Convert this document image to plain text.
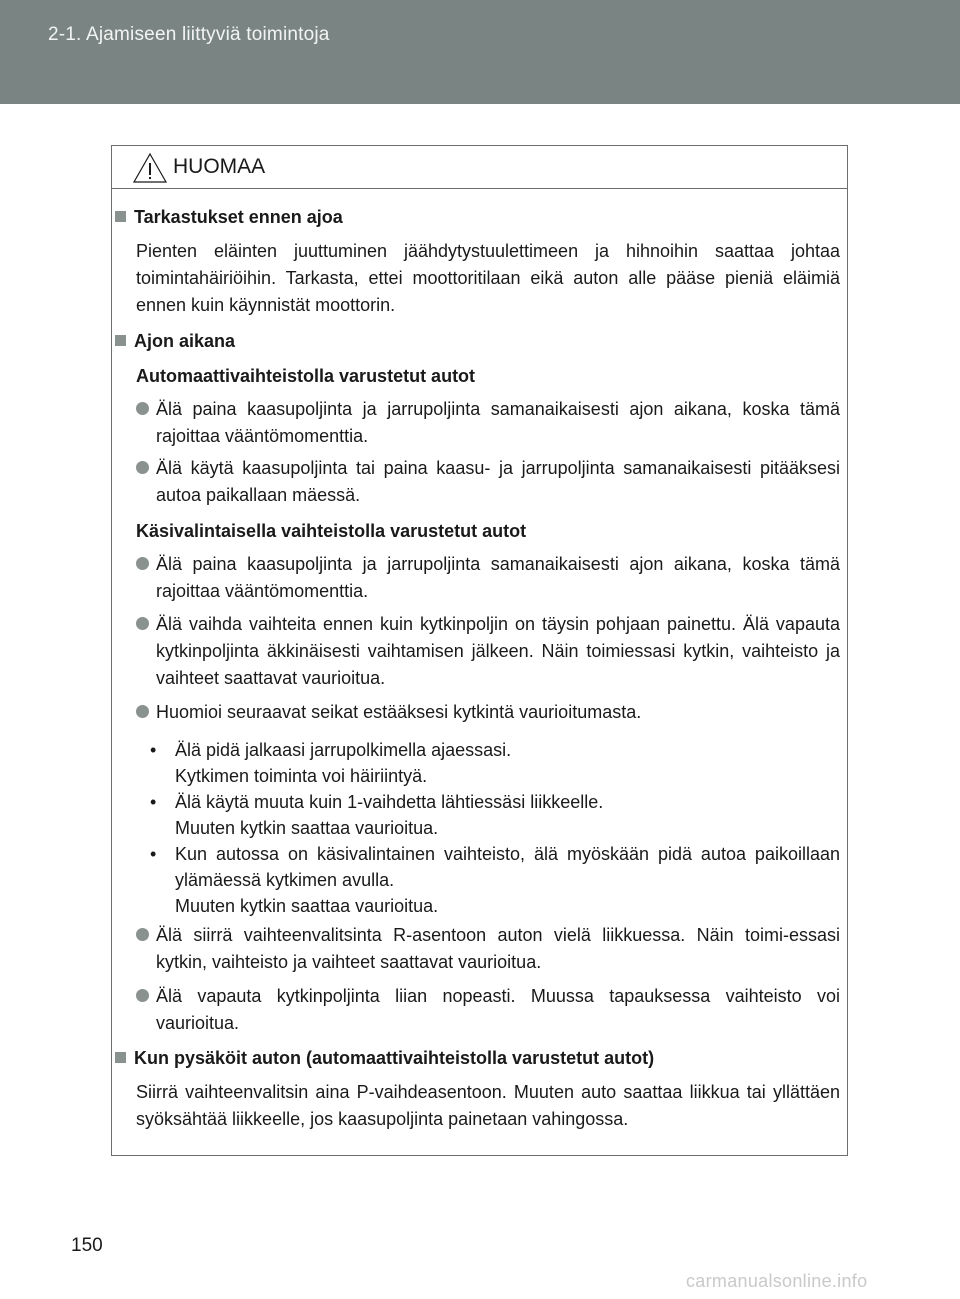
2-1. Ajamiseen liittyviä toimintoja
HUOMAA
Tarkastukset ennen ajoa
Pienten eläinten juuttuminen jäähdytystuulettimeen ja hihnoihin saattaa johtaa toimintahäiriöihin. Tarkasta, ettei moottoritilaan eikä auton alle pääse pieniä eläimiä ennen kuin käynnistät moottorin.
Ajon aikana
Automaattivaihteistolla varustetut autot
Älä paina kaasupoljinta ja jarrupoljinta samanaikaisesti ajon aikana, koska tämä rajoittaa vääntömomenttia.
Älä käytä kaasupoljinta tai paina kaasu- ja jarrupoljinta samanaikaisesti pitääksesi autoa paikallaan mäessä.
Käsivalintaisella vaihteistolla varustetut autot
Älä paina kaasupoljinta ja jarrupoljinta samanaikaisesti ajon aikana, koska tämä rajoittaa vääntömomenttia.
Älä vaihda vaihteita ennen kuin kytkinpoljin on täysin pohjaan painettu. Älä vapauta kytkinpoljinta äkkinäisesti vaihtamisen jälkeen. Näin toimiessasi kytkin, vaihteisto ja vaihteet saattavat vaurioitua.
Huomioi seuraavat seikat estääksesi kytkintä vaurioitumasta.
• Älä pidä jalkaasi jarrupolkimella ajaessasi.
Kytkimen toiminta voi häiriintyä.
• Älä käytä muuta kuin 1-vaihdetta lähtiessäsi liikkeelle.
Muuten kytkin saattaa vaurioitua.
• Kun autossa on käsivalintainen vaihteisto, älä myöskään pidä autoa paikoillaan ylämäessä kytkimen avulla.
Muuten kytkin saattaa vaurioitua.
Älä siirrä vaihteenvalitsinta R-asentoon auton vielä liikkuessa. Näin toimi-essasi kytkin, vaihteisto ja vaihteet saattavat vaurioitua.
Älä vapauta kytkinpoljinta liian nopeasti. Muussa tapauksessa vaihteisto voi vaurioitua.
Kun pysäköit auton (automaattivaihteistolla varustetut autot)
Siirrä vaihteenvalitsin aina P-vaihdeasentoon. Muuten auto saattaa liikkua tai yllättäen syöksähtää liikkeelle, jos kaasupoljinta painetaan vahingossa.
150
carmanualsonline.info
